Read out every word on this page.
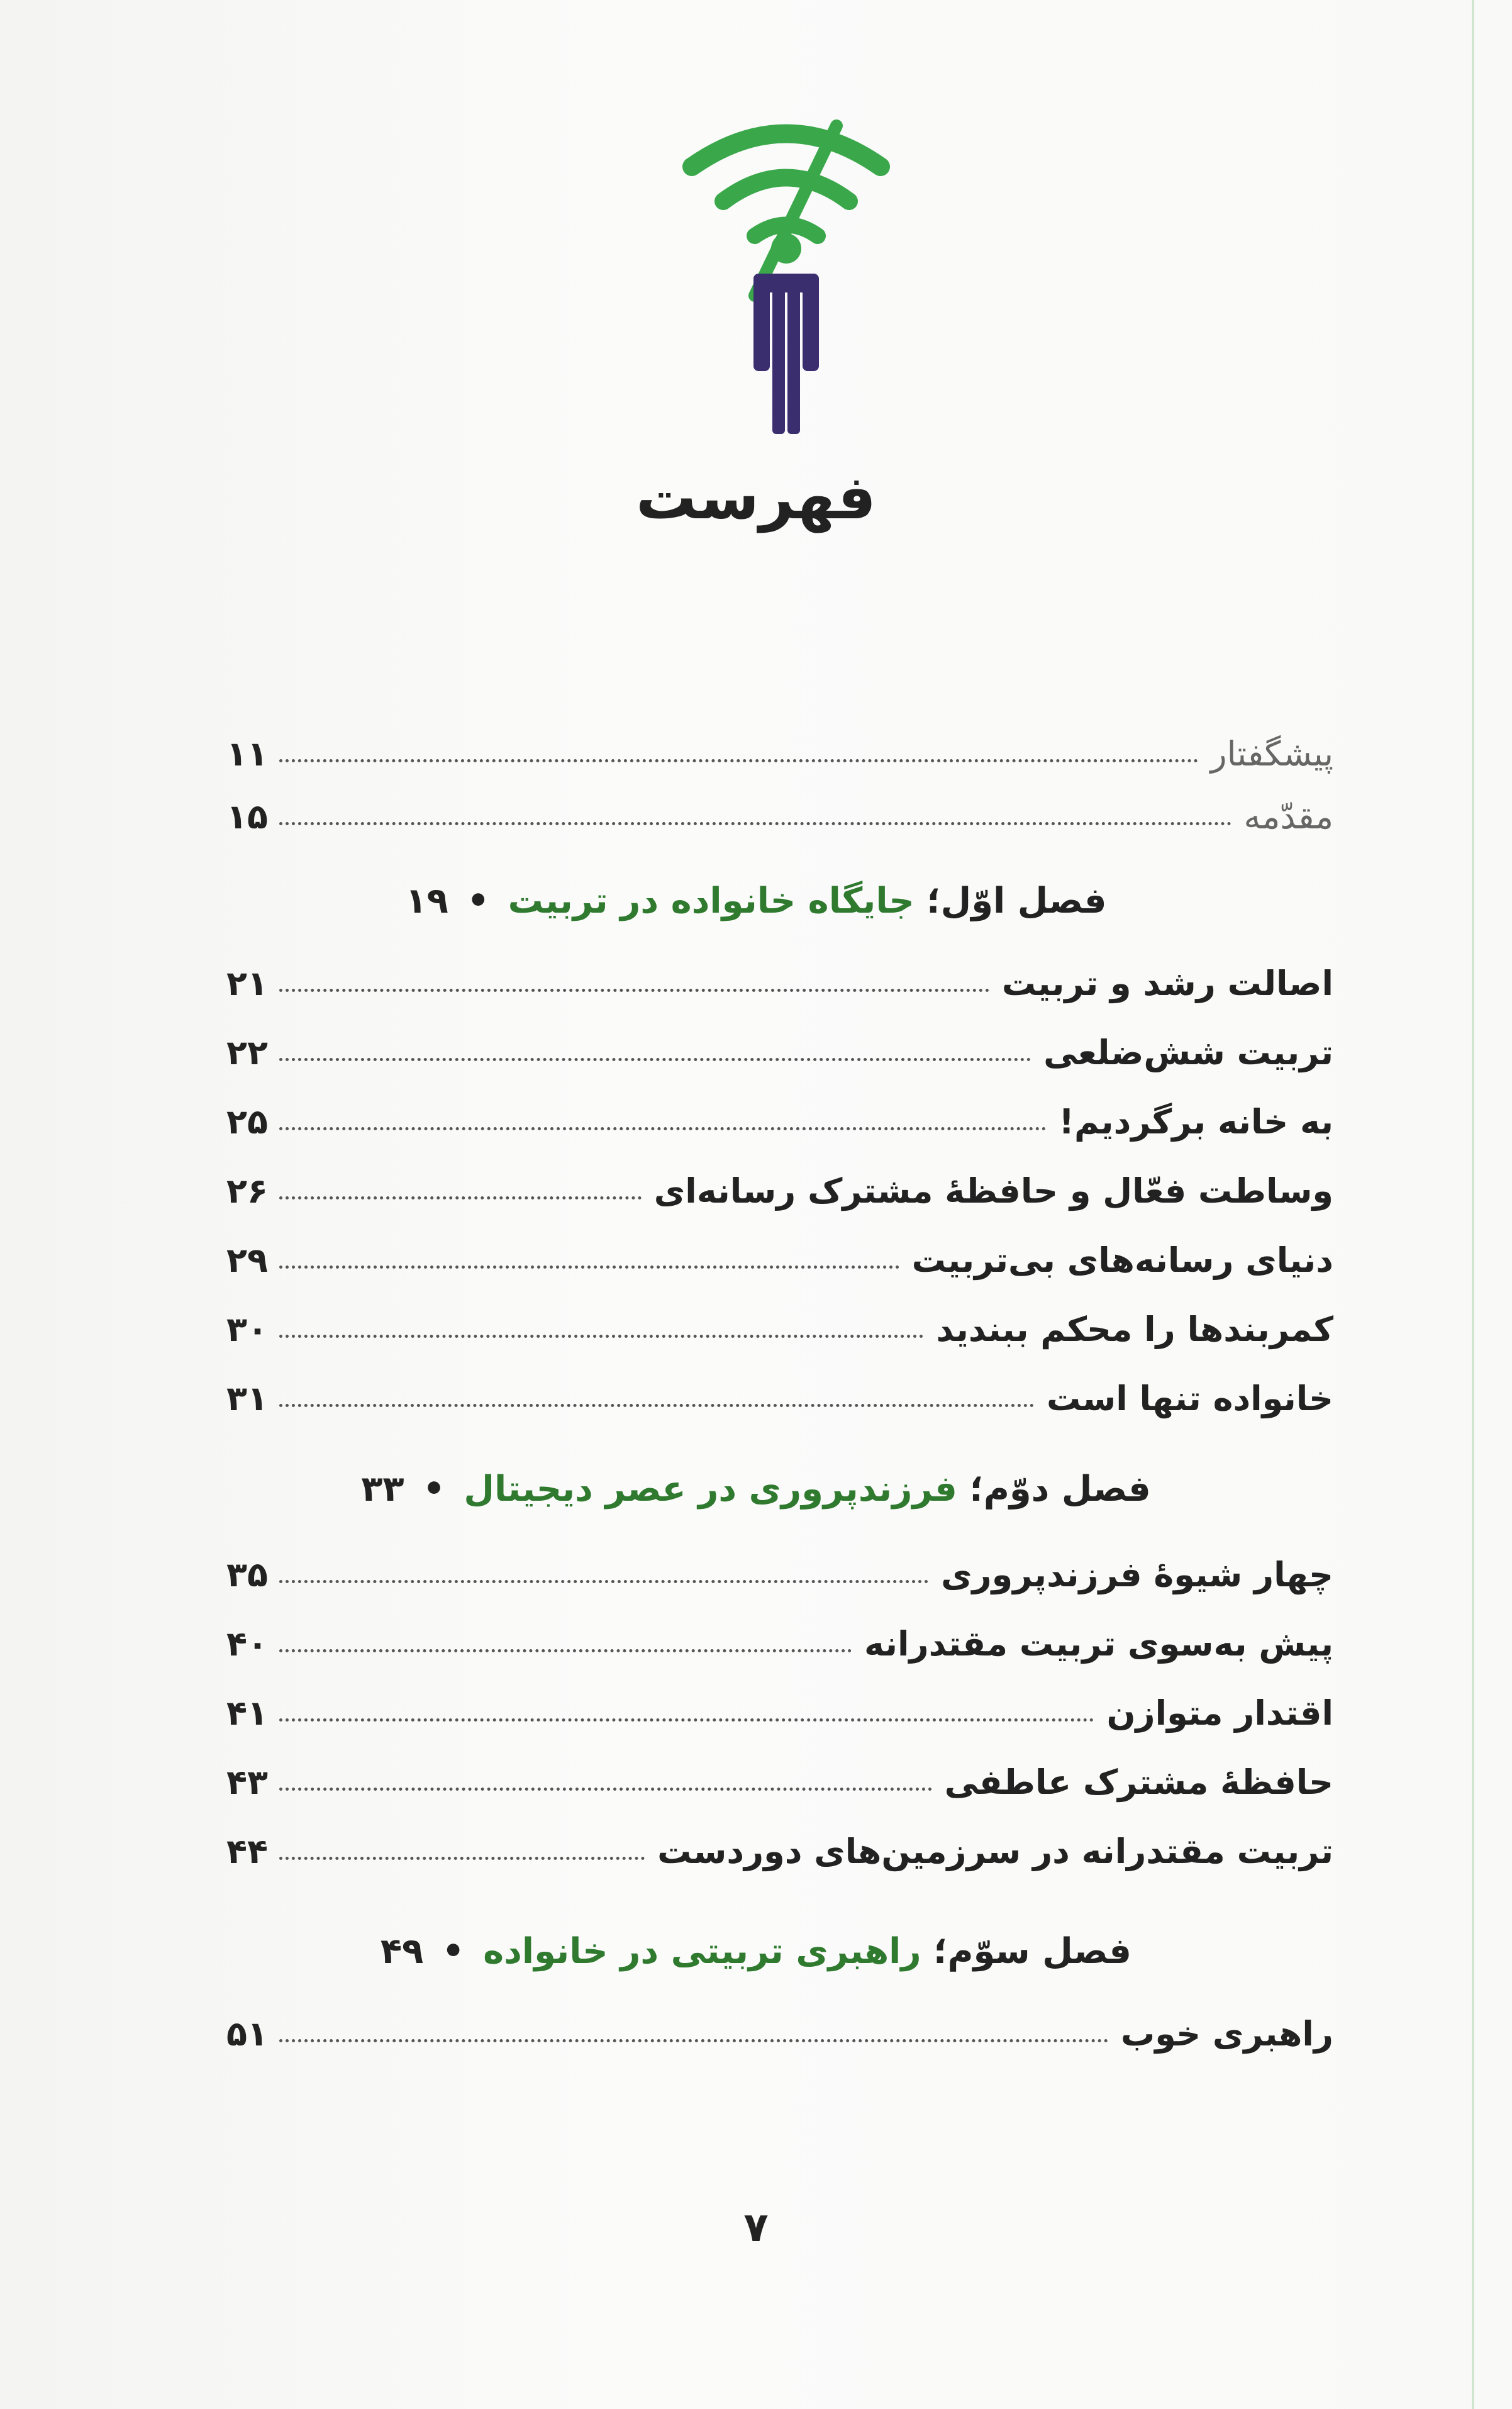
فهرست
پیشگفتار
۱۱
مقدّمه
۱۵
فصل اوّل؛ جایگاه خانواده در تربیت • ۱۹
اصالت رشد و تربیت
۲۱
تربیت شش‌ضلعی
۲۲
به خانه برگردیم!
۲۵
وساطت فعّال و حافظهٔ مشترک رسانه‌ای
۲۶
دنیای رسانه‌های بی‌تربیت
۲۹
کمربندها را محکم ببندید
۳۰
خانواده تنها است
۳۱
فصل دوّم؛ فرزندپروری در عصر دیجیتال • ۳۳
چهار شیوهٔ فرزندپروری
۳۵
پیش به‌سوی تربیت مقتدرانه
۴۰
اقتدار متوازن
۴۱
حافظهٔ مشترک عاطفی
۴۳
تربیت مقتدرانه در سرزمین‌های دوردست
۴۴
فصل سوّم؛ راهبری تربیتی در خانواده • ۴۹
راهبری خوب
۵۱
۷
